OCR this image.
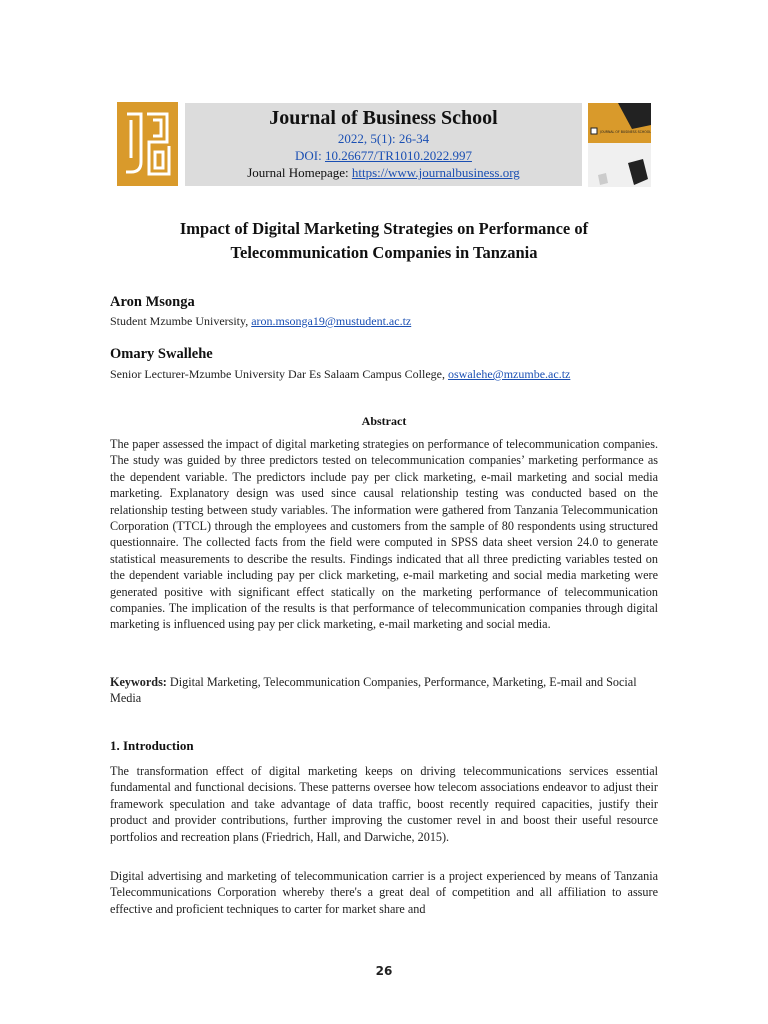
Journal of Business School
2022, 5(1): 26-34
DOI: 10.26677/TR1010.2022.997
Journal Homepage: https://www.journalbusiness.org
JOURNAL OF BUSINESS SCHOOL
Impact of Digital Marketing Strategies on Performance of Telecommunication Companies in Tanzania
Aron Msonga
Student Mzumbe University, aron.msonga19@mustudent.ac.tz
Omary Swallehe
Senior Lecturer-Mzumbe University Dar Es Salaam Campus College, oswalehe@mzumbe.ac.tz
Abstract

The paper assessed the impact of digital marketing strategies on performance of telecommunication companies. The study was guided by three predictors tested on telecommunication companies’ marketing performance as the dependent variable. The predictors include pay per click marketing, e-mail marketing and social media marketing. Explanatory design was used since causal relationship testing was conducted based on the relationship testing between study variables. The information were gathered from Tanzania Telecommunication Corporation (TTCL) through the employees and customers from the sample of 80 respondents using structured questionnaire. The collected facts from the field were computed in SPSS data sheet version 24.0 to generate statistical measurements to describe the results. Findings indicated that all three predicting variables tested on the dependent variable including pay per click marketing, e-mail marketing and social media marketing were generated positive with significant effect statically on the marketing performance of telecommunication companies. The implication of the results is that performance of telecommunication companies through digital marketing is influenced using pay per click marketing, e-mail marketing and social media.

Keywords: Digital Marketing, Telecommunication Companies, Performance, Marketing, E-mail and Social Media

1. Introduction

The transformation effect of digital marketing keeps on driving telecommunications services essential fundamental and functional decisions. These patterns oversee how telecom associations endeavor to adjust their framework speculation and take advantage of data traffic, boost recently required capacities, justify their product and provider contributions, further improving the customer revel in and boost their useful resource portfolios and recreation plans (Friedrich, Hall, and Darwiche, 2015).

Digital advertising and marketing of telecommunication carrier is a project experienced by means of Tanzania Telecommunications Corporation whereby there's a great deal of competition and all affiliation to assure effective and proficient techniques to carter for market share and

26
